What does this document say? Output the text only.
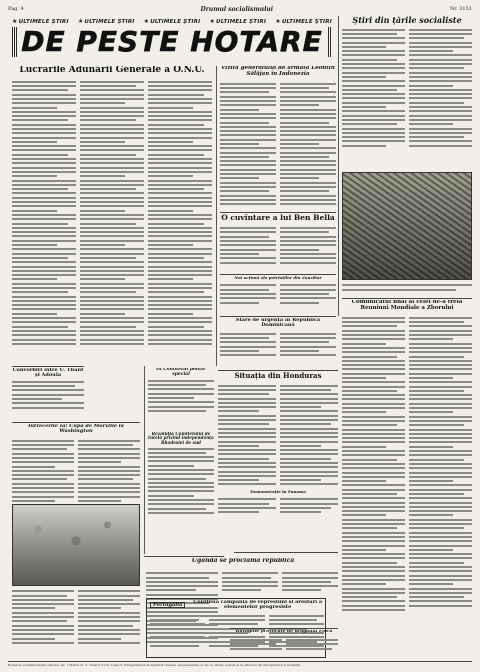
Pag. 4	Drumul socialismului	Nr. 3151
★ ULTIMELE ȘTIRI ★ ULTIMELE ȘTIRI ★ ULTIMELE ȘTIRI ★ ULTIMELE ȘTIRI ★ ULTIMELE ȘTIRI
DE PESTE HOTARE
Știri din țările socialiste
Comunicatul final al celei de-a treia Reuniuni Mondiale a Zborului
Lucrările Adunării Generale a O.N.U.	Vizita generalului de armată Leontin Sălăjan în Indonezia
O cuvîntare a lui Ben Bella
Noi acțiuni ale patrioților din Zanzibar
Stare de urgență în Republica Dominicană
Convorbiri între U. Thant și Adoula
Întrecerile Ia! Cupa de Morville la Washington
În Comitetul politic special
Rezoluția Comitetului de tutelă privind independența Rhodesiei de sud
Situația din Honduras
Demonstrație în Panama
Uganda se proclamă republică
Portugalia
Continuă campania de represiuni și arestări a elementelor progresiste
Ravagiile provocate de uraganul Flora
Redacția și administrația ziarului: str. 1 Martie nr. 3. Telefon 2134. Tiparul: Întreprinderea Poligrafică Oradea. Abonamentele se fac la oficiile poștale și la difuzorii din întreprinderi și instituții.
